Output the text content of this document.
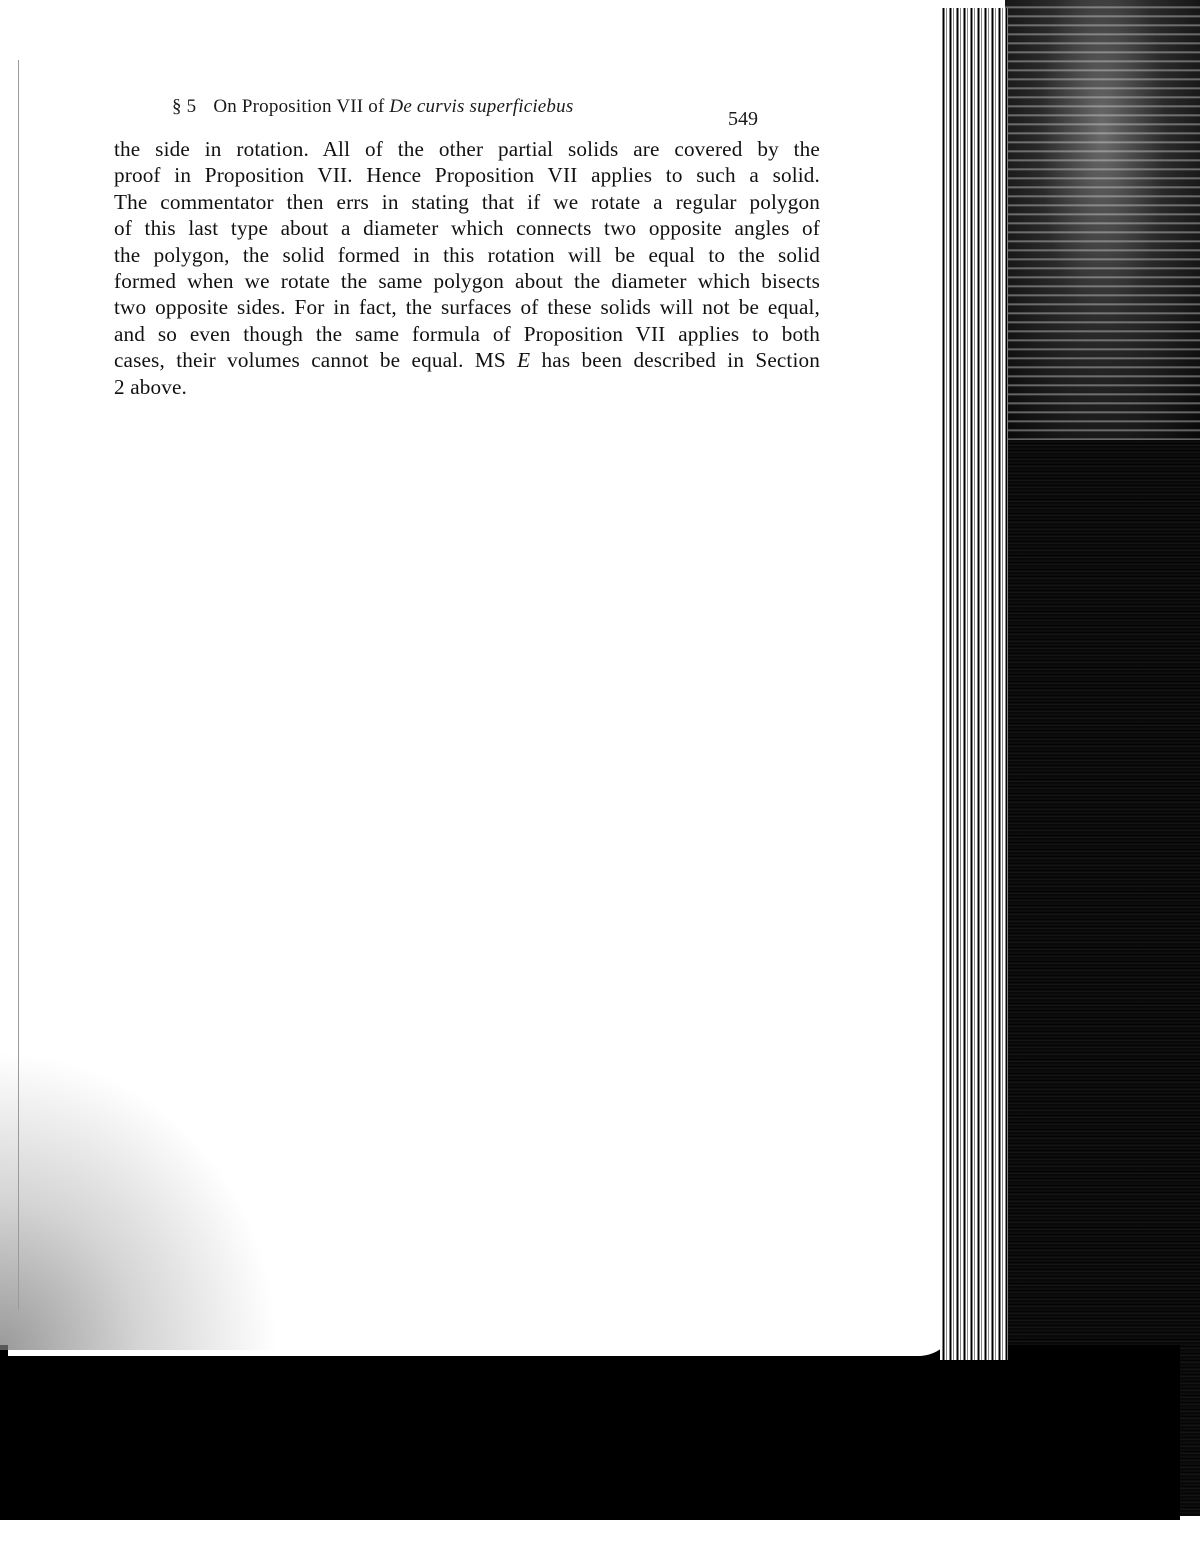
§ 5 On Proposition VII of De curvis superficiebus
549
the side in rotation. All of the other partial solids are covered by the
proof in Proposition VII. Hence Proposition VII applies to such a solid.
The commentator then errs in stating that if we rotate a regular polygon
of this last type about a diameter which connects two opposite angles of
the polygon, the solid formed in this rotation will be equal to the solid
formed when we rotate the same polygon about the diameter which bisects
two opposite sides. For in fact, the surfaces of these solids will not be equal,
and so even though the same formula of Proposition VII applies to both
cases, their volumes cannot be equal. MS E has been described in Section
2 above.
